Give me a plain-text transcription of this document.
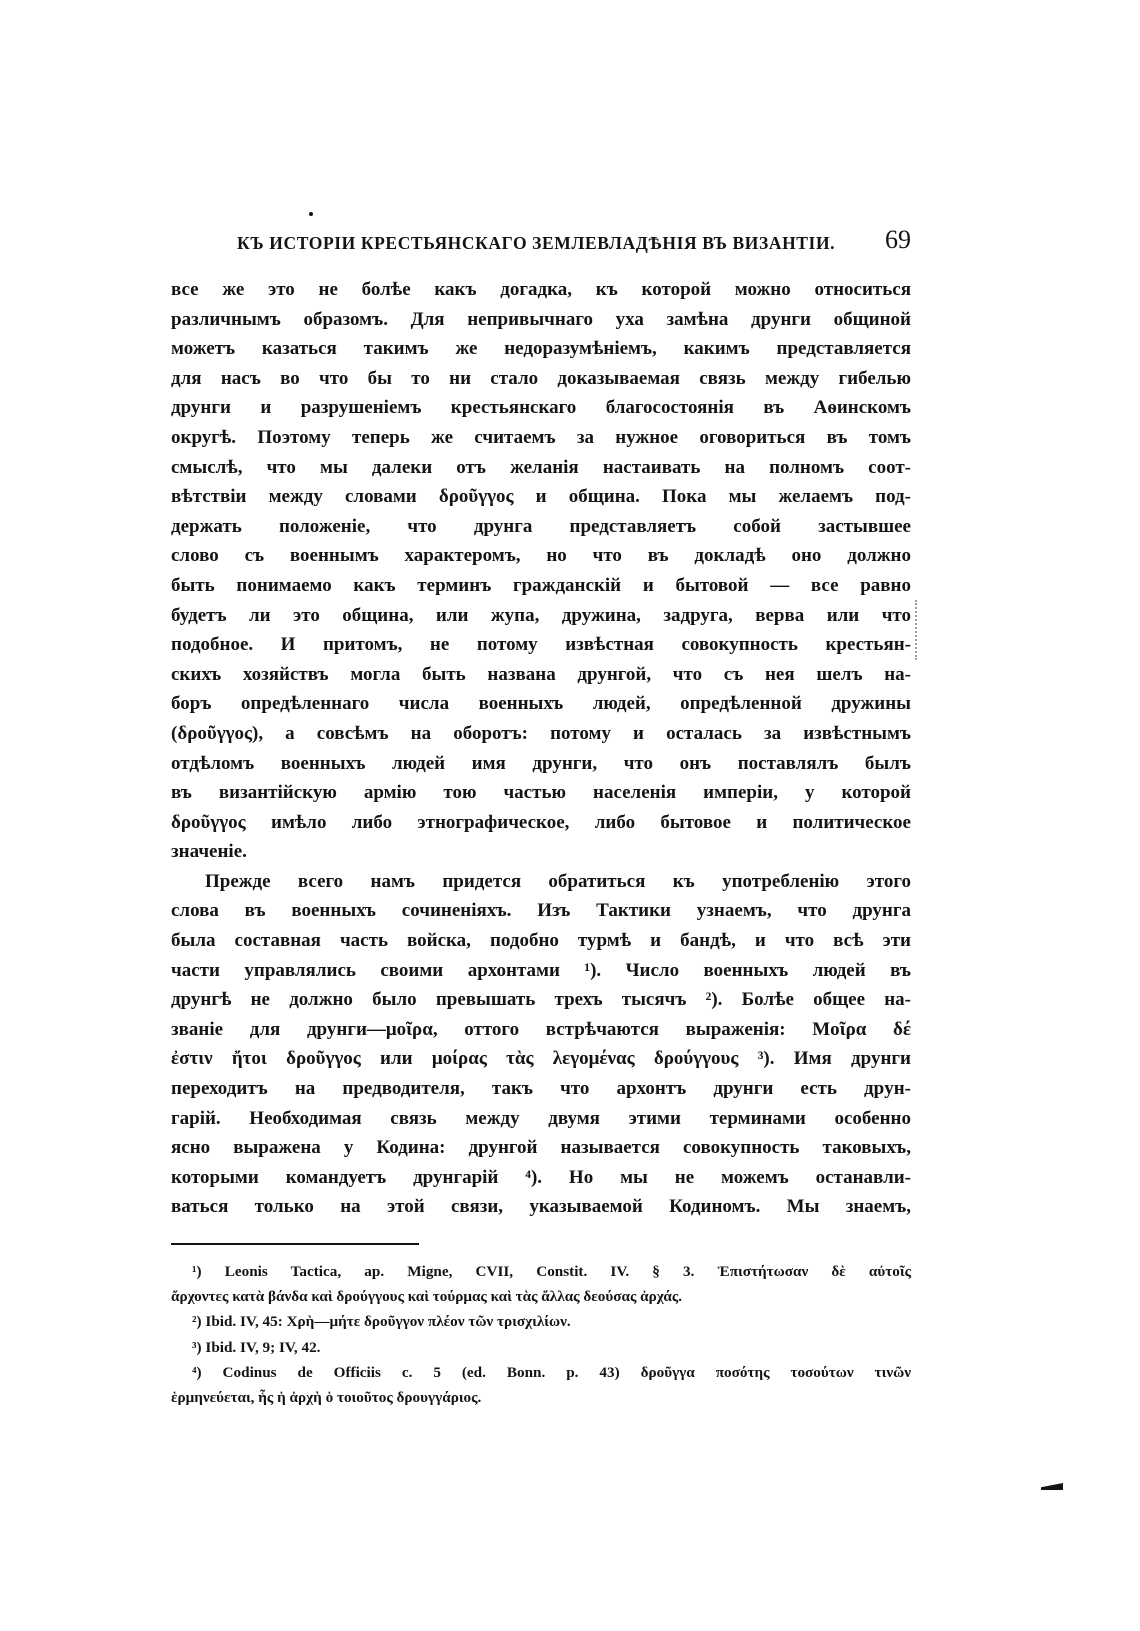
КЪ ИСТОРІИ КРЕСТЬЯНСКАГО ЗЕМЛЕВЛАДѢНІЯ ВЪ ВИЗАНТІИ. 69
все же это не болѣе какъ догадка, къ которой можно относиться
различнымъ образомъ. Для непривычнаго уха замѣна друнги общиной
можетъ казаться такимъ же недоразумѣніемъ, какимъ представляется
для насъ во что бы то ни стало доказываемая связь между гибелью
друнги и разрушеніемъ крестьянскаго благосостоянія въ Аѳинскомъ
округѣ. Поэтому теперь же считаемъ за нужное оговориться въ томъ
смыслѣ, что мы далеки отъ желанія настаивать на полномъ соот-
вѣтствіи между словами δροῦγγος и община. Пока мы желаемъ под-
держать положеніе, что друнга представляетъ собой застывшее
слово съ военнымъ характеромъ, но что въ докладѣ оно должно
быть понимаемо какъ терминъ гражданскій и бытовой — все равно
будетъ ли это община, или жупа, дружина, задруга, верва или что
подобное. И притомъ, не потому извѣстная совокупность крестьян-
скихъ хозяйствъ могла быть названа друнгой, что съ нея шелъ на-
боръ опредѣленнаго числа военныхъ людей, опредѣленной дружины
(δροῦγγος), а совсѣмъ на оборотъ: потому и осталась за извѣстнымъ
отдѣломъ военныхъ людей имя друнги, что онъ поставлялъ былъ
въ византійскую армію тою частью населенія имперіи, у которой
δροῦγγος имѣло либо этнографическое, либо бытовое и политическое
значеніе.
Прежде всего намъ придется обратиться къ употребленію этого
слова въ военныхъ сочиненіяхъ. Изъ Тактики узнаемъ, что друнга
была составная часть войска, подобно турмѣ и бандѣ, и что всѣ эти
части управлялись своими архонтами ¹). Число военныхъ людей въ
друнгѣ не должно было превышать трехъ тысячъ ²). Болѣе общее на-
званіе для друнги—μοῖρα, оттого встрѣчаются выраженія: Μοῖρα δέ
ἐστιν ἤτοι δροῦγγος или μοίρας τὰς λεγομένας δρούγγους ³). Имя друнги
переходитъ на предводителя, такъ что архонтъ друнги есть дрyн-
гарій. Необходимая связь между двумя этими терминами особенно
ясно выражена у Кодина: друнгой называется совокупность таковыхъ,
которыми командуетъ друнгарій ⁴). Но мы не можемъ останавли-
ваться только на этой связи, указываемой Кодиномъ. Мы знаемъ,
¹) Leonis Tactica, ap. Migne, CVII, Constit. IV. § 3. Ἐπιστήτωσαν δὲ αὐτοῖς
ἄρχοντες κατὰ βάνδα καὶ δρούγγους καὶ τούρμας καὶ τὰς ἄλλας δεούσας ἀρχάς.
²) Ibid. IV, 45: Χρὴ—μήτε δροῦγγον πλέον τῶν τρισχιλίων.
³) Ibid. IV, 9; IV, 42.
⁴) Codinus de Officiis c. 5 (ed. Bonn. p. 43) δροῦγγα ποσότης τοσούτων τινῶν
ἑρμηνεύεται, ἧς ἡ ἀρχὴ ὁ τοιοῦτος δρουγγάριος.
